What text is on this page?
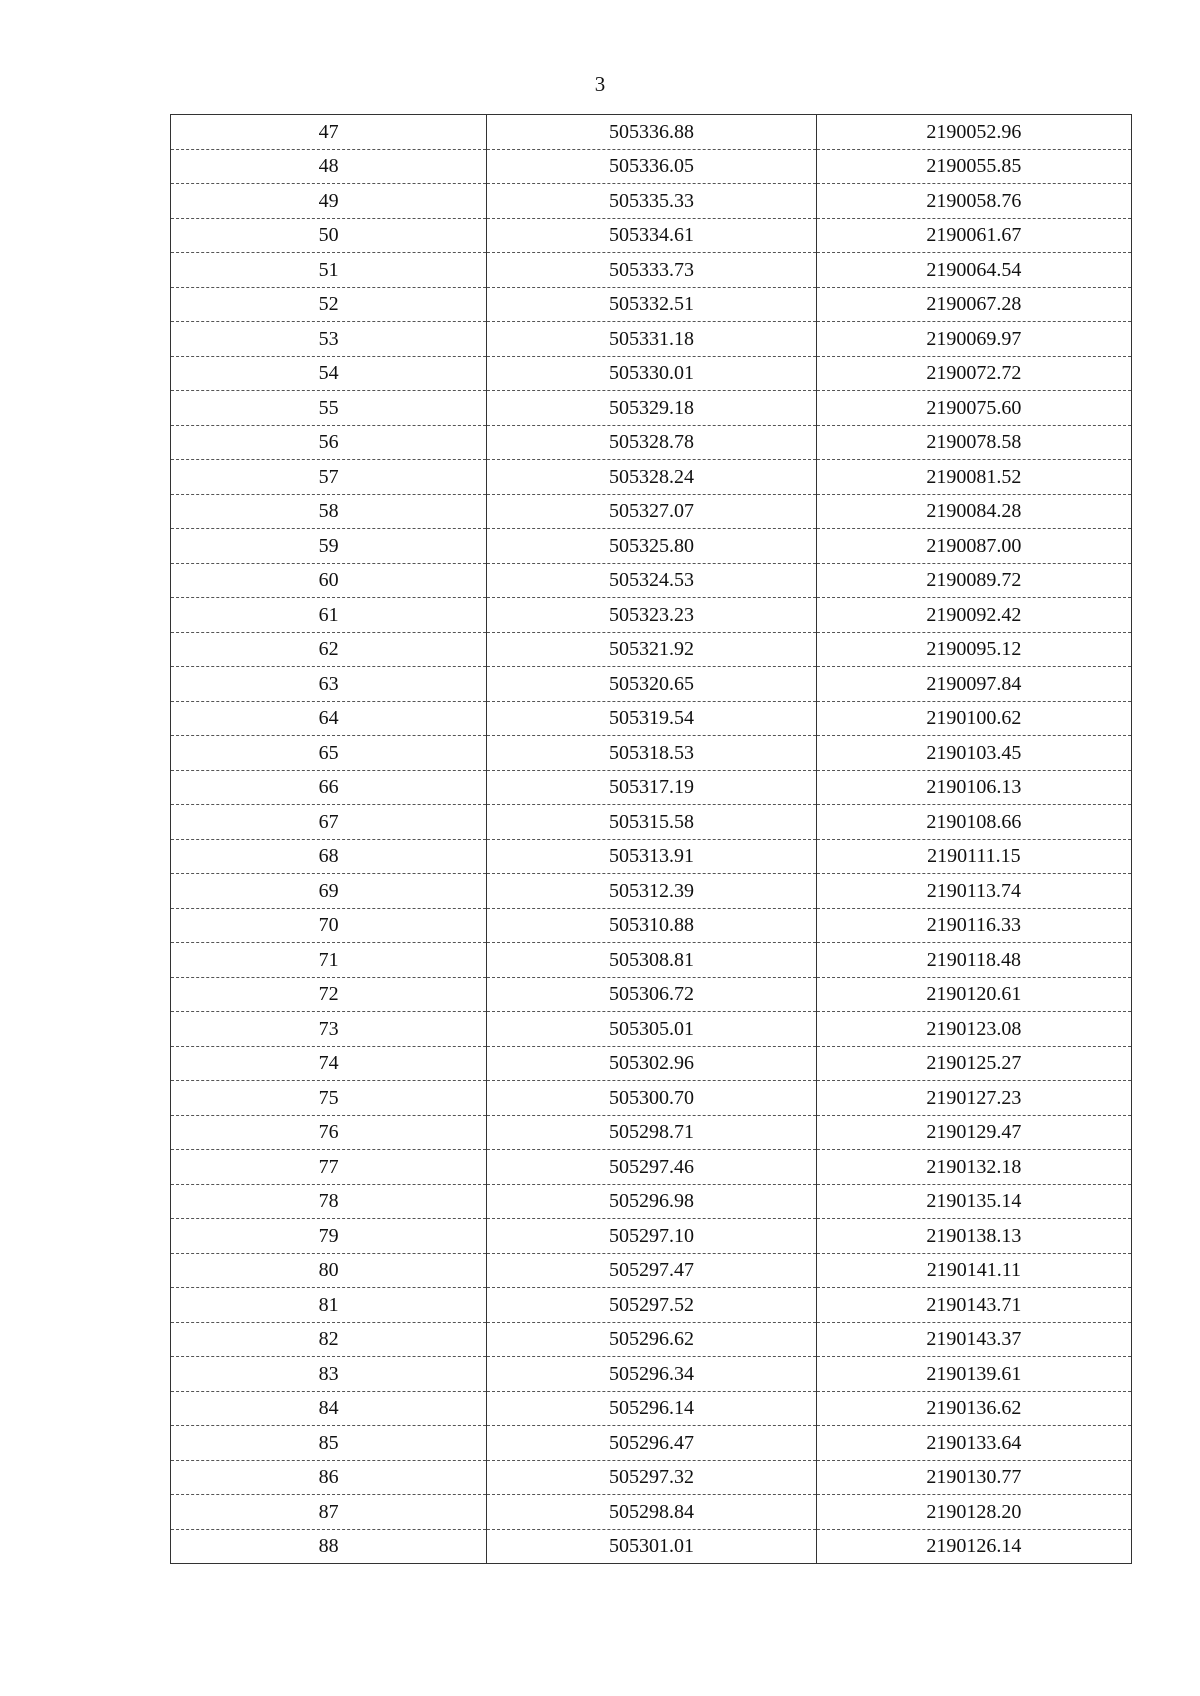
3
47	505336.88	2190052.96
48	505336.05	2190055.85
49	505335.33	2190058.76
50	505334.61	2190061.67
51	505333.73	2190064.54
52	505332.51	2190067.28
53	505331.18	2190069.97
54	505330.01	2190072.72
55	505329.18	2190075.60
56	505328.78	2190078.58
57	505328.24	2190081.52
58	505327.07	2190084.28
59	505325.80	2190087.00
60	505324.53	2190089.72
61	505323.23	2190092.42
62	505321.92	2190095.12
63	505320.65	2190097.84
64	505319.54	2190100.62
65	505318.53	2190103.45
66	505317.19	2190106.13
67	505315.58	2190108.66
68	505313.91	2190111.15
69	505312.39	2190113.74
70	505310.88	2190116.33
71	505308.81	2190118.48
72	505306.72	2190120.61
73	505305.01	2190123.08
74	505302.96	2190125.27
75	505300.70	2190127.23
76	505298.71	2190129.47
77	505297.46	2190132.18
78	505296.98	2190135.14
79	505297.10	2190138.13
80	505297.47	2190141.11
81	505297.52	2190143.71
82	505296.62	2190143.37
83	505296.34	2190139.61
84	505296.14	2190136.62
85	505296.47	2190133.64
86	505297.32	2190130.77
87	505298.84	2190128.20
88	505301.01	2190126.14
